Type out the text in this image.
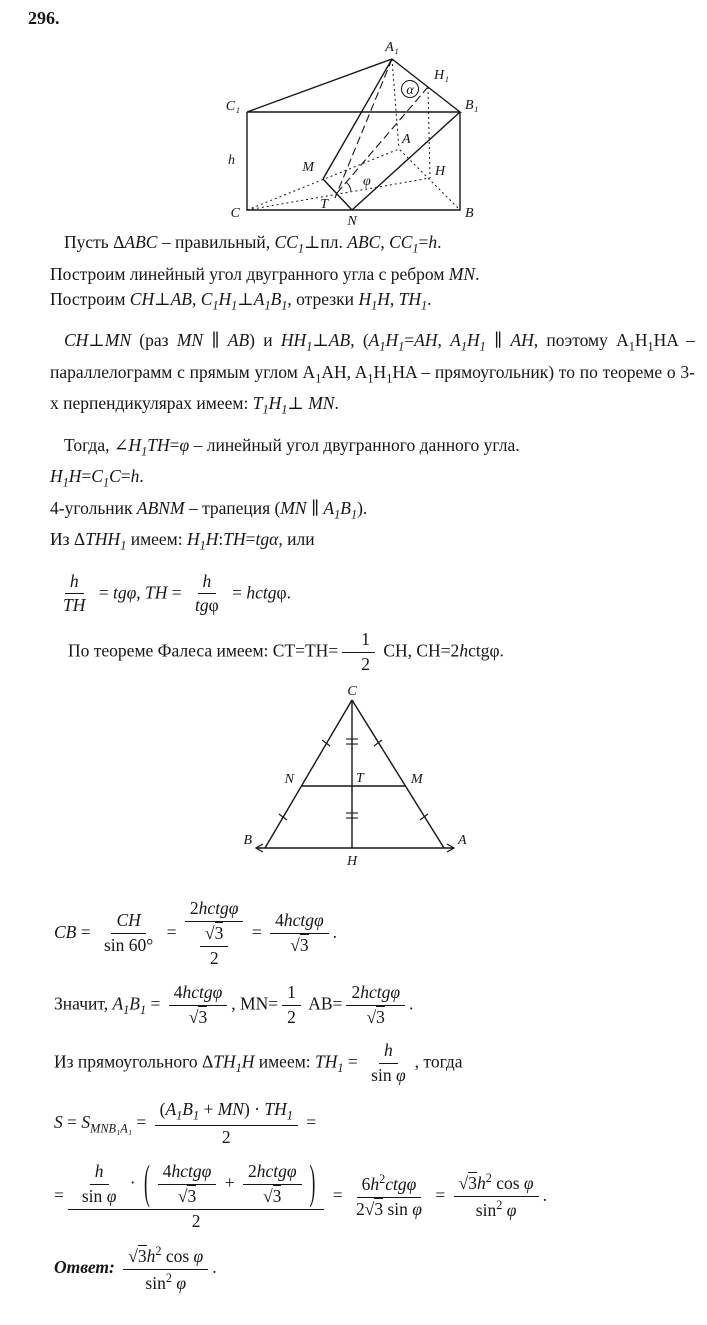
296.
A₁
H₁
B₁
C₁
C	B
N
A
H
M
T
h
φ
α
Пусть ΔABC – правильный, $CC_1\perp пл$. ABC, $CC_1=h$.
Построим линейный угол двугранного угла с ребром MN.
Построим CH⊥AB, $C_1H_1\perp A_1B_1$, отрезки $H_1H$, $TH_1$.

CH⊥MN (раз MN ∥ AB) и $HH_1\perp AB$, ($A_1H_1=AH$, $A_1H_1$ ∥ AH, поэтому $A_1H_1HA$ – параллелограмм с прямым углом $A_1AH$, $A_1H_1HA$ – прямоугольник) то по теореме о 3-х перпендикулярах имеем: $T_1H_1\perp$ MN.

Тогда, $\angle H_1TH=\varphi$ – линейный угол двугранного данного угла.
$H_1H=C_1C=h$.
4-угольник ABNM – трапеция (MN ∥ $A_1B_1$).
Из $\Delta THH_1$ имеем: $H_1H:TH=tg\alpha$, или
$\frac{h}{TH} = tg\varphi$, TH = $\frac{h}{\text{tgφ}}$ = hctgφ.
По теореме Фалеса имеем: $CT=TH= \frac{1}{2}$ CH, CH=2hctgφ.
C
B	A
H
N	M
T
CB = $\frac{CH}{\sin 60^\circ} = \frac{\text{2hctgφ}}{\frac{√3}{2}} = \frac{\text{4hctgφ}}{√3}$ .
Значит, $A_1B_1 = \frac{\text{4hctgφ}}{√3}$ , $MN= \frac{1}{2} AB= \frac{\text{2hctgφ}}{√3}$ .
Из прямоугольного $\Delta TH_1H$ имеем: $TH_1 = \frac{h}{\text{sin φ}}$ , тогда
$S = S_{MNB_1A_1} = \frac{(A_1B_1 + MN) \cdot TH_1}{2}$ =
= $\frac{\frac{h}{\text{sin φ}} \cdot ( \frac{\text{4hctgφ}}{√3} + \frac{\text{2hctgφ}}{√3} )}{2} = \frac{6h^2ctg\varphi}{\text{2√3 sin φ}} = \frac{√3h^2 \cos \varphi}{\sin^2 \varphi}$ .
Ответ: $\frac{√3h^2 \cos \varphi}{\sin^2 \varphi}$ .
